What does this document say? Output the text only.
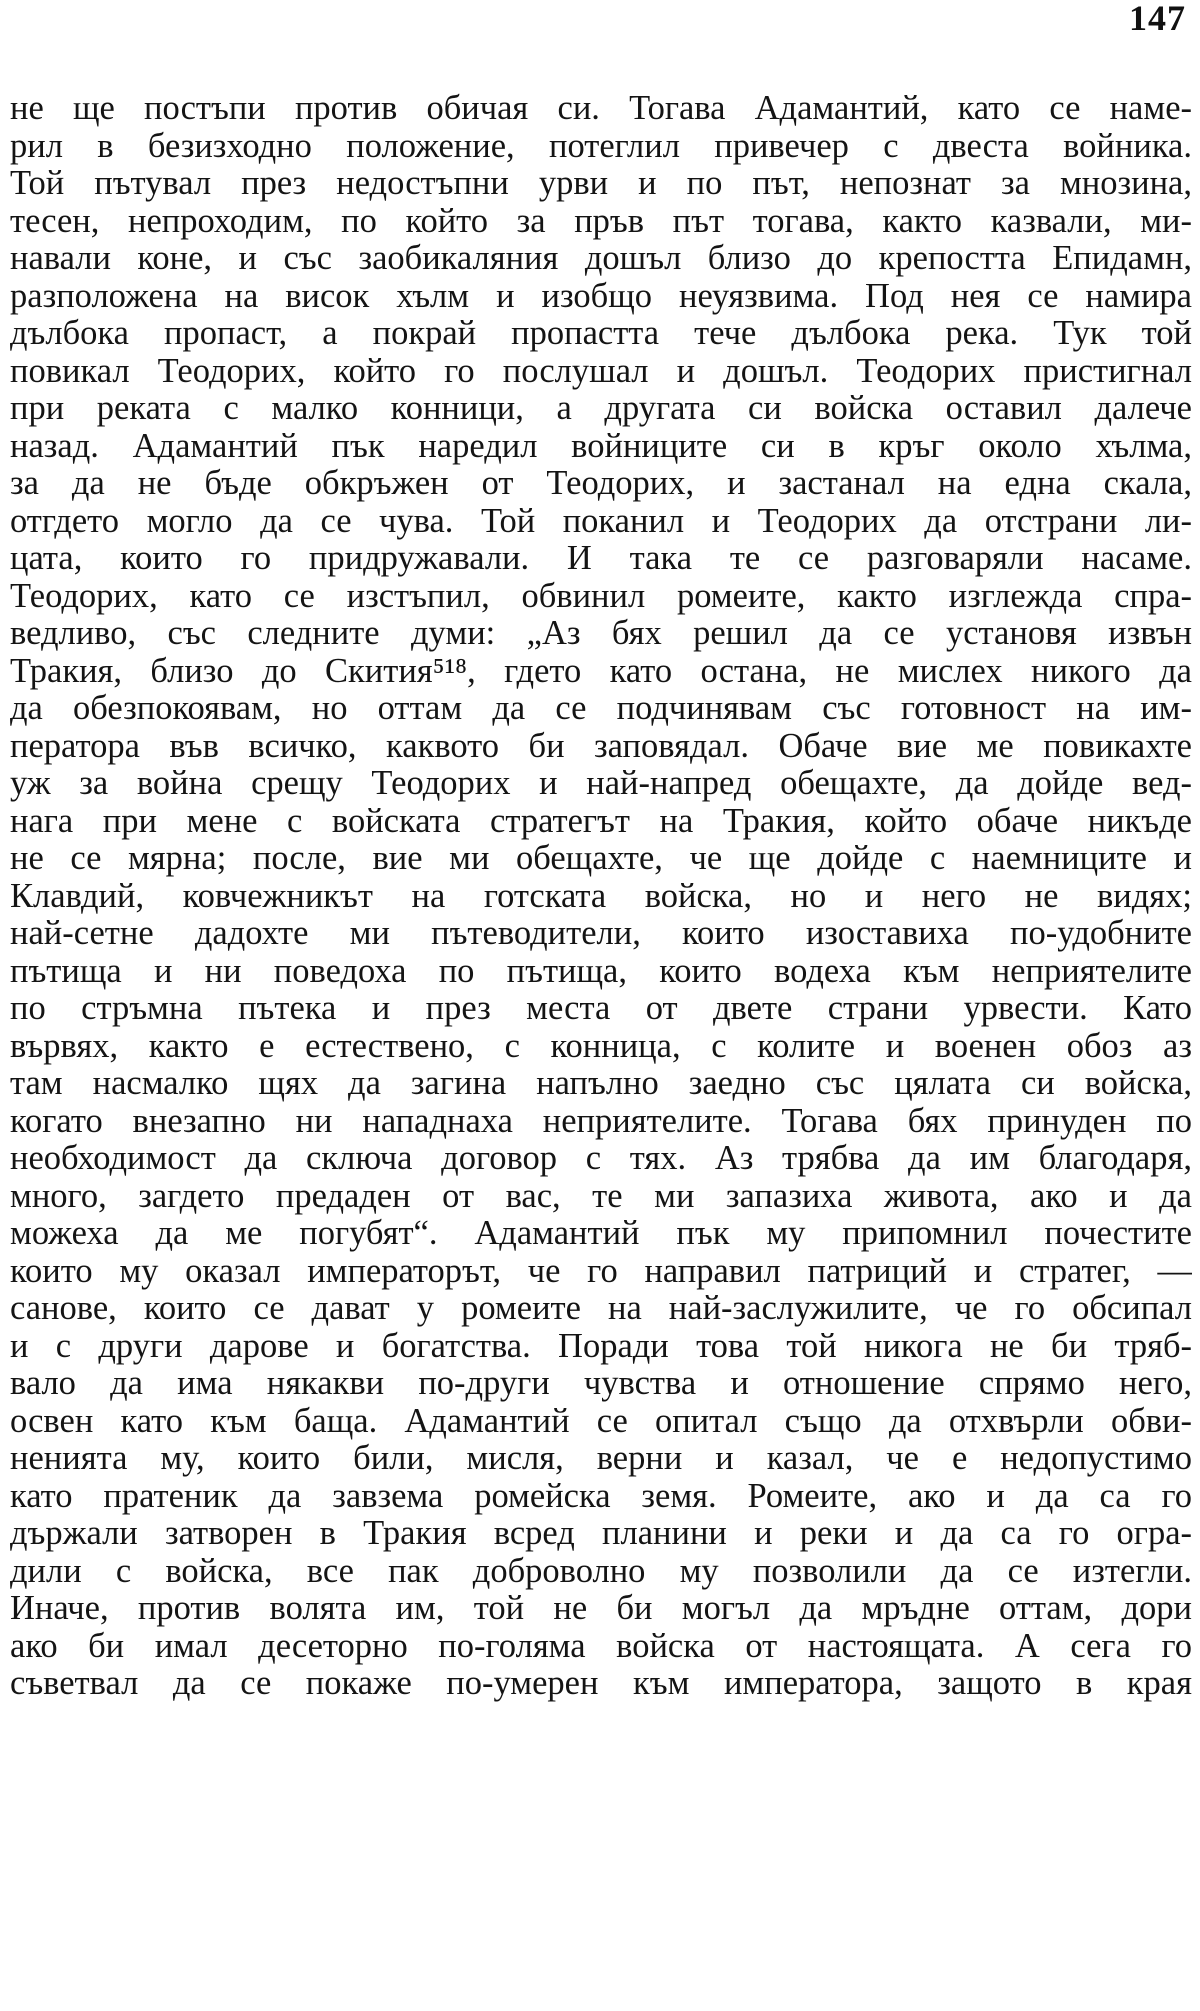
147
не ще постъпи против обичая си. Тогава Адамантий, като се наме-
рил в безизходно положение, потеглил привечер с двеста войника.
Той пътувал през недостъпни урви и по път, непознат за мнозина,
тесен, непроходим, по който за пръв път тогава, както казвали, ми-
навали коне, и със заобикаляния дошъл близо до крепостта Епидамн,
разположена на висок хълм и изобщо неуязвима. Под нея се намира
дълбока пропаст, а покрай пропастта тече дълбока река. Тук той
повикал Теодорих, който го послушал и дошъл. Теодорих пристигнал
при реката с малко конници, а другата си войска оставил далече
назад. Адамантий пък наредил войниците си в кръг около хълма,
за да не бъде обкръжен от Теодорих, и застанал на една скала,
отгдето могло да се чува. Той поканил и Теодорих да отстрани ли-
цата, които го придружавали. И така те се разговаряли насаме.
Теодорих, като се изстъпил, обвинил ромеите, както изглежда спра-
ведливо, със следните думи: „Аз бях решил да се установя извън
Тракия, близо до Скития⁵¹⁸, гдето като остана, не мислех никого да
да обезпокоявам, но оттам да се подчинявам със готовност на им-
ператора във всичко, каквото би заповядал. Обаче вие ме повикахте
уж за война срещу Теодорих и най-напред обещахте, да дойде вед-
нага при мене с войската стратегът на Тракия, който обаче никъде
не се мярна; после, вие ми обещахте, че ще дойде с наемниците и
Клавдий, ковчежникът на готската войска, но и него не видях;
най-сетне дадохте ми пътеводители, които изоставиха по-удобните
пътища и ни поведоха по пътища, които водеха към неприятелите
по стръмна пътека и през места от двете страни урвести. Като
вървях, както е естествено, с конница, с колите и военен обоз аз
там насмалко щях да загина напълно заедно със цялата си войска,
когато внезапно ни нападнаха неприятелите. Тогава бях принуден по
необходимост да сключа договор с тях. Аз трябва да им благодаря,
много, загдето предаден от вас, те ми запазиха живота, ако и да
можеха да ме погубят“. Адамантий пък му припомнил почестите
които му оказал императорът, че го направил патриций и стратег, —
санове, които се дават у ромеите на най-заслужилите, че го обсипал
и с други дарове и богатства. Поради това той никога не би тряб-
вало да има някакви по-други чувства и отношение спрямо него,
освен като към баща. Адамантий се опитал също да отхвърли обви-
ненията му, които били, мисля, верни и казал, че е недопустимо
като пратеник да завзема ромейска земя. Ромеите, ако и да са го
държали затворен в Тракия всред планини и реки и да са го огра-
дили с войска, все пак доброволно му позволили да се изтегли.
Иначе, против волята им, той не би могъл да мръдне оттам, дори
ако би имал десеторно по-голяма войска от настоящата. А сега го
съветвал да се покаже по-умерен към императора, защото в края
